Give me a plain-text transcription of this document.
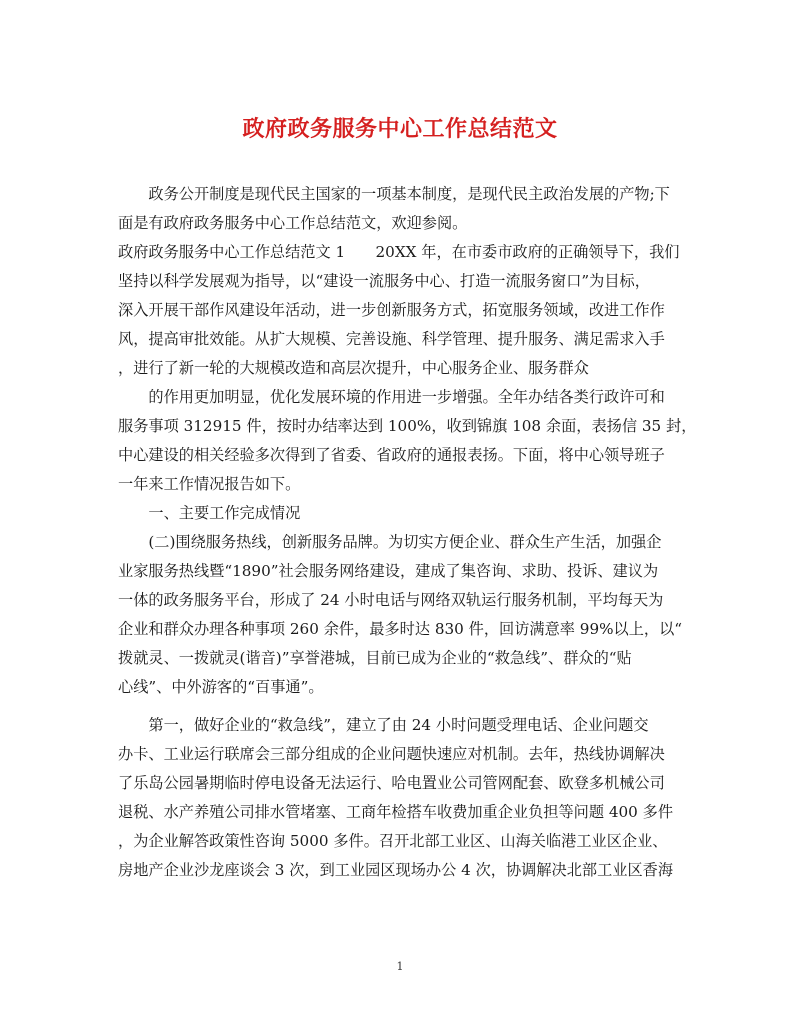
政府政务服务中心工作总结范文
　　政务公开制度是现代民主国家的一项基本制度，是现代民主政治发展的产物;下
面是有政府政务服务中心工作总结范文，欢迎参阅。
政府政务服务中心工作总结范文 1　　20XX 年，在市委市政府的正确领导下，我们
坚持以科学发展观为指导，以“建设一流服务中心、打造一流服务窗口”为目标，
深入开展干部作风建设年活动，进一步创新服务方式，拓宽服务领域，改进工作作
风，提高审批效能。从扩大规模、完善设施、科学管理、提升服务、满足需求入手
，进行了新一轮的大规模改造和高层次提升，中心服务企业、服务群众
　　的作用更加明显，优化发展环境的作用进一步增强。全年办结各类行政许可和
服务事项 312915 件，按时办结率达到 100%，收到锦旗 108 余面，表扬信 35 封，
中心建设的相关经验多次得到了省委、省政府的通报表扬。下面，将中心领导班子
一年来工作情况报告如下。
　　一、主要工作完成情况
　　(二)围绕服务热线，创新服务品牌。为切实方便企业、群众生产生活，加强企
业家服务热线暨“1890”社会服务网络建设，建成了集咨询、求助、投诉、建议为
一体的政务服务平台，形成了 24 小时电话与网络双轨运行服务机制，平均每天为
企业和群众办理各种事项 260 余件，最多时达 830 件，回访满意率 99%以上，以“
拨就灵、一拨就灵(谐音)”享誉港城，目前已成为企业的“救急线”、群众的“贴
心线”、中外游客的“百事通”。
　　第一，做好企业的“救急线”，建立了由 24 小时问题受理电话、企业问题交
办卡、工业运行联席会三部分组成的企业问题快速应对机制。去年，热线协调解决
了乐岛公园暑期临时停电设备无法运行、哈电置业公司管网配套、欧登多机械公司
退税、水产养殖公司排水管堵塞、工商年检搭车收费加重企业负担等问题 400 多件
，为企业解答政策性咨询 5000 多件。召开北部工业区、山海关临港工业区企业、
房地产企业沙龙座谈会 3 次，到工业园区现场办公 4 次，协调解决北部工业区香海
1
